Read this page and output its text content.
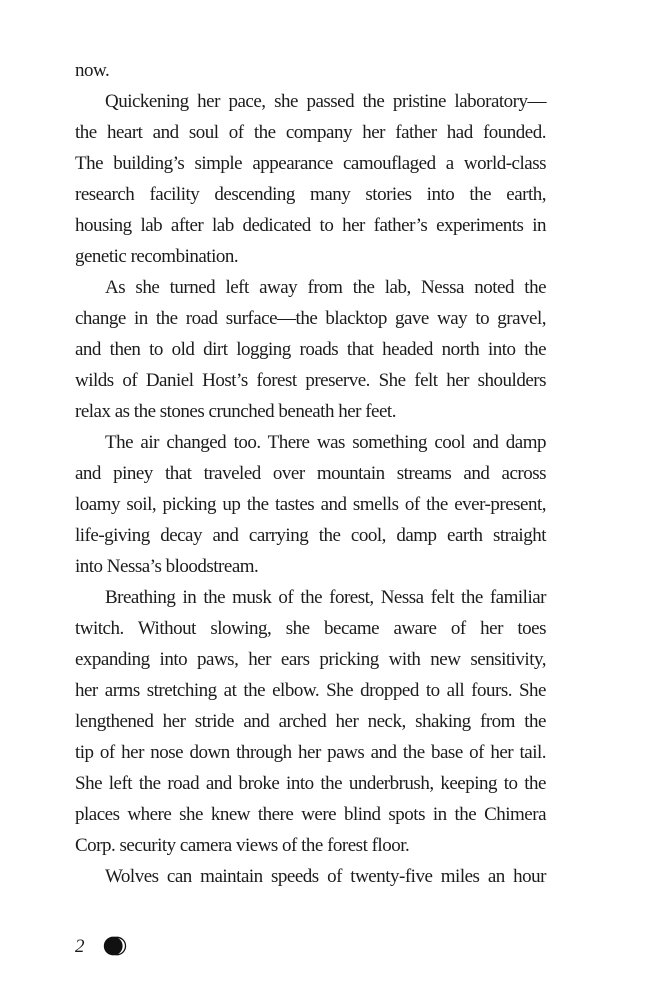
now.
Quickening her pace, she passed the pristine laboratory—
the heart and soul of the company her father had founded.
The building’s simple appearance camouflaged a world-class
research facility descending many stories into the earth,
housing lab after lab dedicated to her father’s experiments in
genetic recombination.
As she turned left away from the lab, Nessa noted the
change in the road surface—the blacktop gave way to gravel,
and then to old dirt logging roads that headed north into the
wilds of Daniel Host’s forest preserve. She felt her shoulders
relax as the stones crunched beneath her feet.
The air changed too. There was something cool and damp
and piney that traveled over mountain streams and across
loamy soil, picking up the tastes and smells of the ever-present,
life-giving decay and carrying the cool, damp earth straight
into Nessa’s bloodstream.
Breathing in the musk of the forest, Nessa felt the familiar
twitch. Without slowing, she became aware of her toes
expanding into paws, her ears pricking with new sensitivity,
her arms stretching at the elbow. She dropped to all fours. She
lengthened her stride and arched her neck, shaking from the
tip of her nose down through her paws and the base of her tail.
She left the road and broke into the underbrush, keeping to the
places where she knew there were blind spots in the Chimera
Corp. security camera views of the forest floor.
Wolves can maintain speeds of twenty-five miles an hour
2
